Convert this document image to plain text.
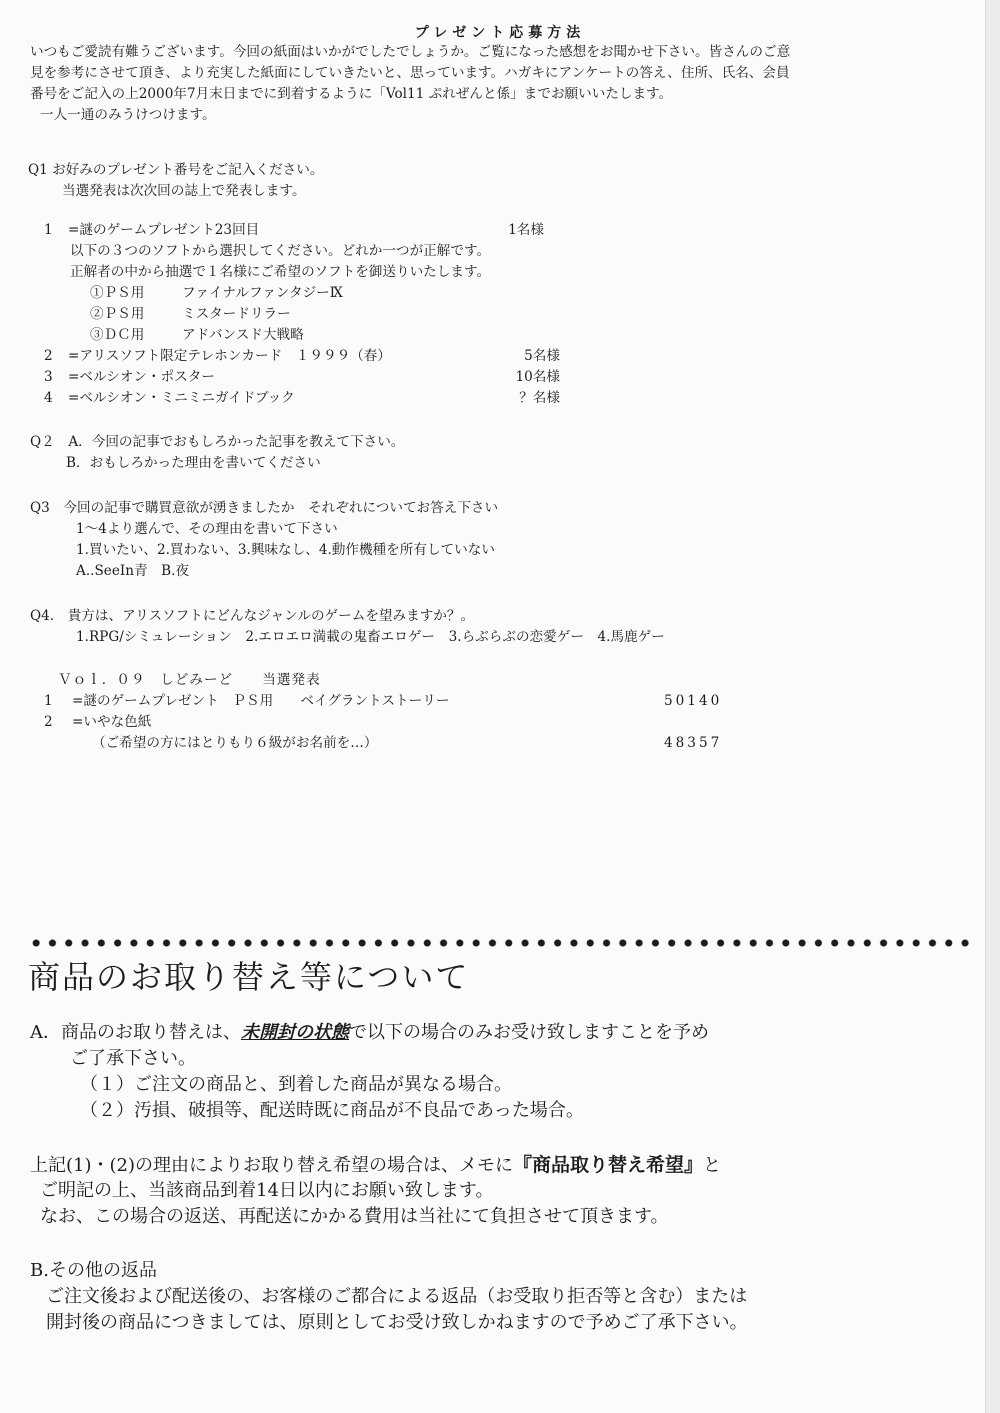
プレゼント応募方法
いつもご愛読有難うございます。今回の紙面はいかがでしたでしょうか。ご覧になった感想をお聞かせ下さい。皆さんのご意
見を参考にさせて頂き、より充実した紙面にしていきたいと、思っています。ハガキにアンケートの答え、住所、氏名、会員
番号をご記入の上2000年7月末日までに到着するように「Vol11 ぷれぜんと係」までお願いいたします。
一人一通のみうけつけます。
Q1 お好みのプレゼント番号をご記入ください。
当選発表は次次回の誌上で発表します。
1 =謎のゲームプレゼント23回目	1名様
以下の３つのソフトから選択してください。どれか一つが正解です。
正解者の中から抽選で１名様にご希望のソフトを御送りいたします。
①ＰＳ用	ファイナルファンタジーⅨ
②ＰＳ用	ミスタードリラー
③ＤＣ用	アドバンスド大戦略
2 =アリスソフト限定テレホンカード　１９９９（春）	5名様
3 =ベルシオン・ポスター	10名様
4 =ベルシオン・ミニミニガイドブック	？名様
Q２　A．今回の記事でおもしろかった記事を教えて下さい。
B．おもしろかった理由を書いてください
Q3　今回の記事で購買意欲が湧きましたか　それぞれについてお答え下さい
1～4より選んで、その理由を書いて下さい
1.買いたい、2.買わない、3.興味なし、4.動作機種を所有していない
A..SeeIn青　B.夜
Q4.　貴方は、アリスソフトにどんなジャンルのゲームを望みますか？。
1.RPG/シミュレーション　2.エロエロ満載の鬼畜エロゲー　3.らぶらぶの恋愛ゲー　4.馬鹿ゲー
Ｖｏｌ．０９　しどみーど　　当選発表
1 =謎のゲームプレゼント　ＰＳ用　　ベイグラントストーリー	50140
2 =いやな色紙
（ご希望の方にはとりもり６級がお名前を…）	48357
商品のお取り替え等について
A．商品のお取り替えは、未開封の状態で以下の場合のみお受け致しますことを予め
ご了承下さい。
（１）ご注文の商品と、到着した商品が異なる場合。
（２）汚損、破損等、配送時既に商品が不良品であった場合。
上記(1)・(2)の理由によりお取り替え希望の場合は、メモに『商品取り替え希望』と
ご明記の上、当該商品到着14日以内にお願い致します。
なお、この場合の返送、再配送にかかる費用は当社にて負担させて頂きます。
B.その他の返品
ご注文後および配送後の、お客様のご都合による返品（お受取り拒否等と含む）または
開封後の商品につきましては、原則としてお受け致しかねますので予めご了承下さい。
